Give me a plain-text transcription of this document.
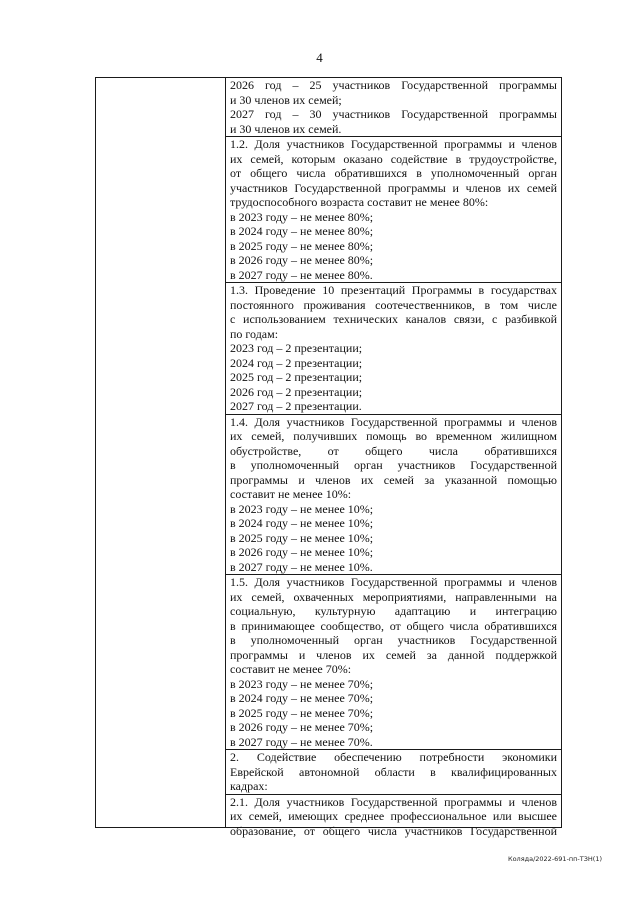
4
2026 год – 25 участников Государственной программы
и 30 членов их семей;
2027 год – 30 участников Государственной программы
и 30 членов их семей.
1.2. Доля участников Государственной программы и членов
их семей, которым оказано содействие в трудоустройстве,
от общего числа обратившихся в уполномоченный орган
участников Государственной программы и членов их семей
трудоспособного возраста составит не менее 80%:
в 2023 году – не менее 80%;
в 2024 году – не менее 80%;
в 2025 году – не менее 80%;
в 2026 году – не менее 80%;
в 2027 году – не менее 80%.
1.3. Проведение 10 презентаций Программы в государствах
постоянного проживания соотечественников, в том числе
с использованием технических каналов связи, с разбивкой
по годам:
2023 год – 2 презентации;
2024 год – 2 презентации;
2025 год – 2 презентации;
2026 год – 2 презентации;
2027 год – 2 презентации.
1.4. Доля участников Государственной программы и членов
их семей, получивших помощь во временном жилищном
обустройстве, от общего числа обратившихся
в уполномоченный орган участников Государственной
программы и членов их семей за указанной помощью
составит не менее 10%:
в 2023 году – не менее 10%;
в 2024 году – не менее 10%;
в 2025 году – не менее 10%;
в 2026 году – не менее 10%;
в 2027 году – не менее 10%.
1.5. Доля участников Государственной программы и членов
их семей, охваченных мероприятиями, направленными на
социальную, культурную адаптацию и интеграцию
в принимающее сообщество, от общего числа обратившихся
в уполномоченный орган участников Государственной
программы и членов их семей за данной поддержкой
составит не менее 70%:
в 2023 году – не менее 70%;
в 2024 году – не менее 70%;
в 2025 году – не менее 70%;
в 2026 году – не менее 70%;
в 2027 году – не менее 70%.
2. Содействие обеспечению потребности экономики
Еврейской автономной области в квалифицированных
кадрах:
2.1. Доля участников Государственной программы и членов
их семей, имеющих среднее профессиональное или высшее
образование, от общего числа участников Государственной
Коляда/2022-691-пп-ТЗН(1)
